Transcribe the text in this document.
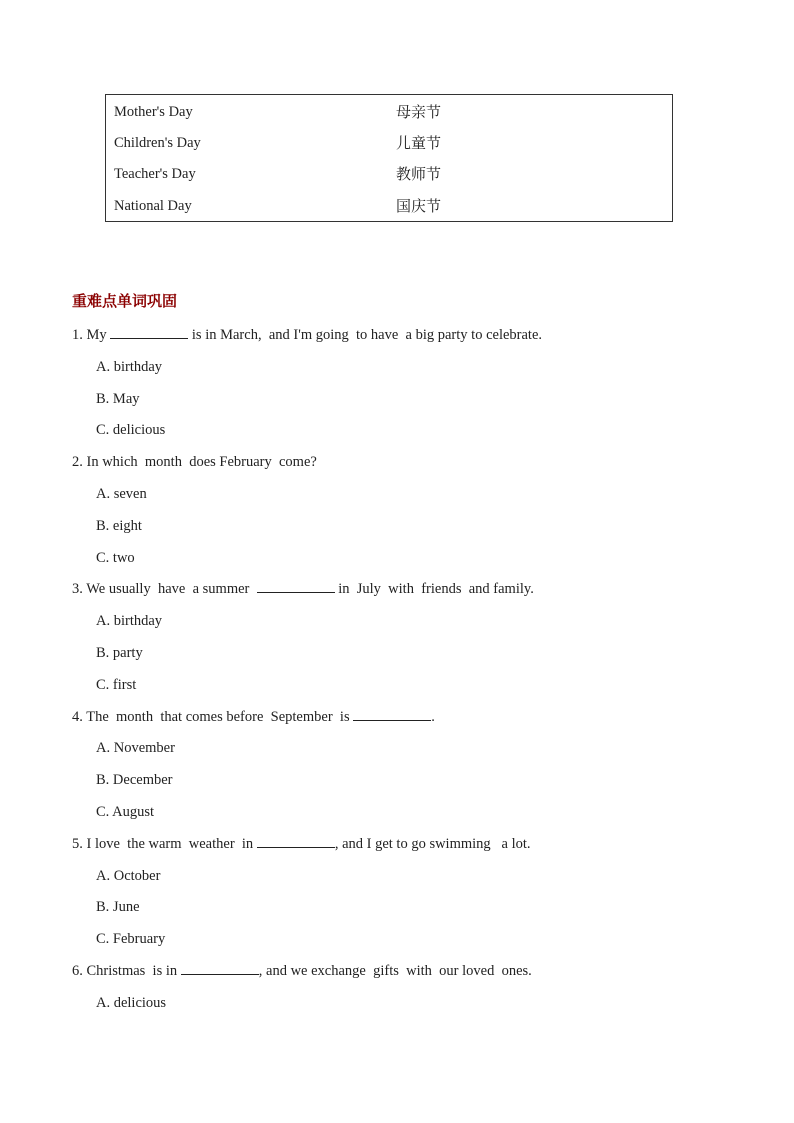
Mother's Day	母亲节
Children's Day	儿童节
Teacher's Day	教师节
National Day	国庆节
重难点单词巩固
1. My	is in March,  and I'm going  to have  a big party to celebrate.
A. birthday
B. May
C. delicious
2. In which  month  does February  come?
A. seven
B. eight
C. two
3. We usually  have  a summer	in  July  with  friends  and family.
A. birthday
B. party
C. first
4. The  month  that comes before  September  is	.
A. November
B. December
C. August
5. I love  the warm  weather  in	, and I get to go swimming   a lot.
A. October
B. June
C. February
6. Christmas  is in	, and we exchange  gifts  with  our loved  ones.
A. delicious
